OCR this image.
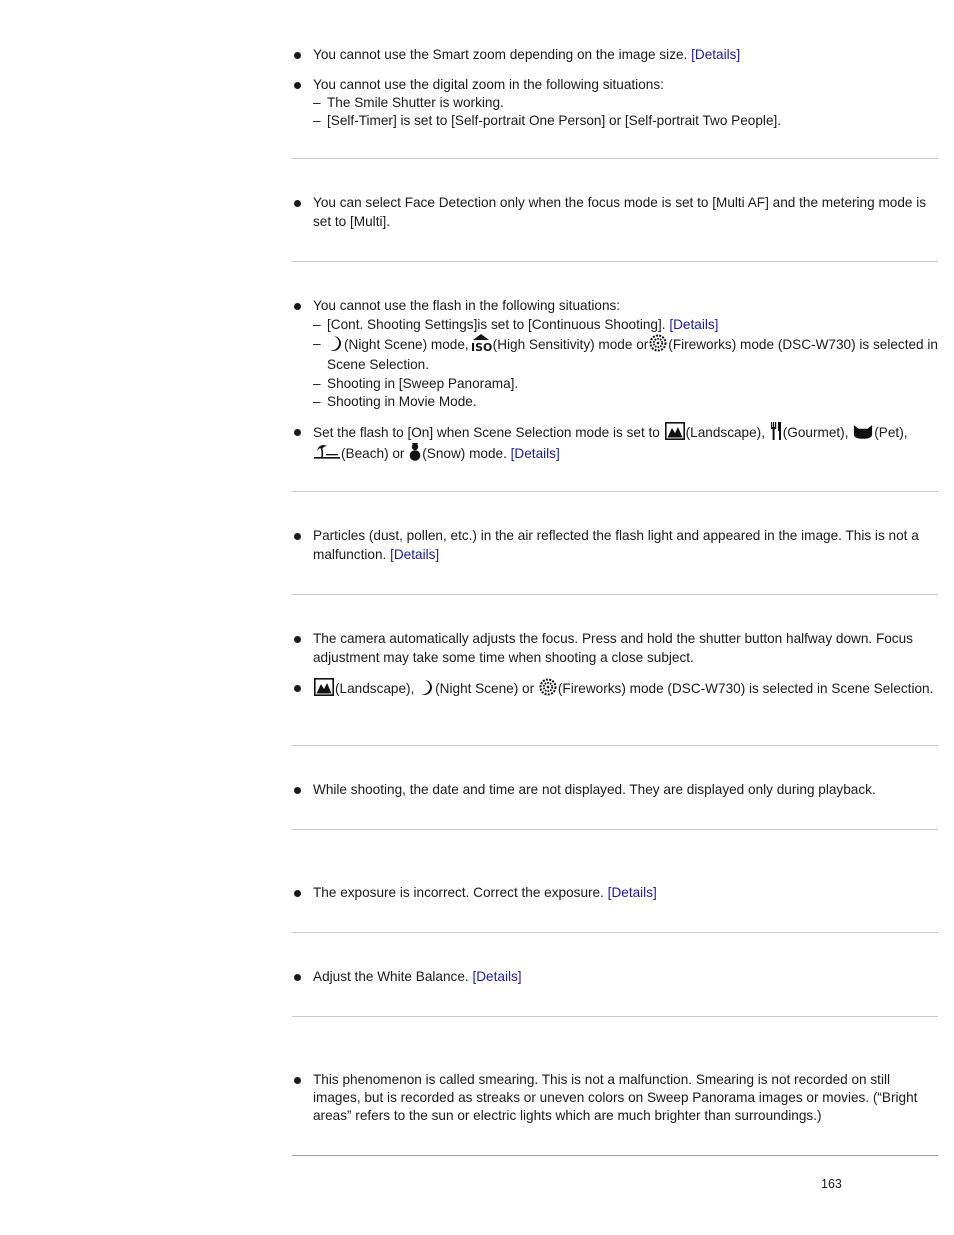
You cannot use the Smart zoom depending on the image size. [Details]
You cannot use the digital zoom in the following situations:
– The Smile Shutter is working.
– [Self-Timer] is set to [Self-portrait One Person] or [Self-portrait Two People].
You can select Face Detection only when the focus mode is set to [Multi AF] and the metering mode is set to [Multi].
You cannot use the flash in the following situations:
– [Cont. Shooting Settings]is set to [Continuous Shooting]. [Details]
– (Night Scene) mode, (High Sensitivity) mode or (Fireworks) mode (DSC-W730) is selected in Scene Selection.
– Shooting in [Sweep Panorama].
– Shooting in Movie Mode.
Set the flash to [On] when Scene Selection mode is set to (Landscape), (Gourmet), (Pet),
(Beach) or (Snow) mode. [Details]
Particles (dust, pollen, etc.) in the air reflected the flash light and appeared in the image. This is not a malfunction. [Details]
The camera automatically adjusts the focus. Press and hold the shutter button halfway down. Focus adjustment may take some time when shooting a close subject.
(Landscape), (Night Scene) or (Fireworks) mode (DSC-W730) is selected in Scene Selection.
While shooting, the date and time are not displayed. They are displayed only during playback.
The exposure is incorrect. Correct the exposure. [Details]
Adjust the White Balance. [Details]
This phenomenon is called smearing. This is not a malfunction. Smearing is not recorded on still images, but is recorded as streaks or uneven colors on Sweep Panorama images or movies. (“Bright areas” refers to the sun or electric lights which are much brighter than surroundings.)
163
